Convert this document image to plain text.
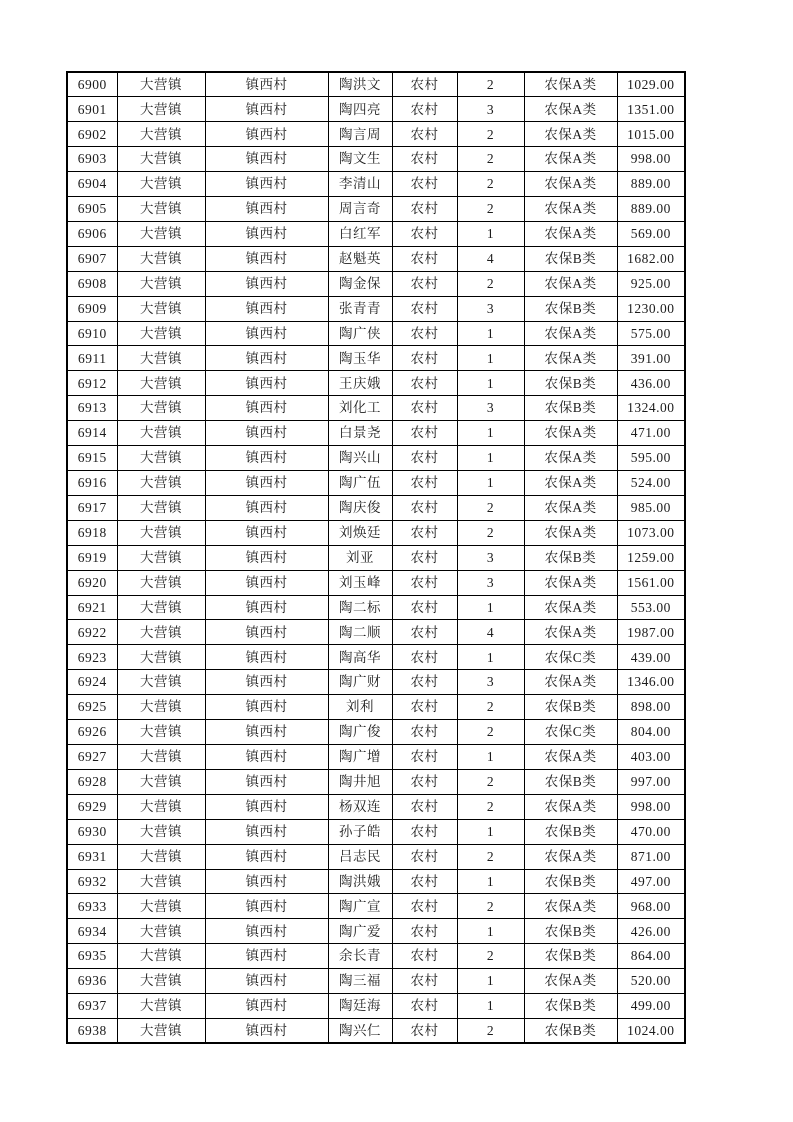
6900	大营镇	镇西村	陶洪文	农村	2	农保A类	1029.00
6901	大营镇	镇西村	陶四亮	农村	3	农保A类	1351.00
6902	大营镇	镇西村	陶言周	农村	2	农保A类	1015.00
6903	大营镇	镇西村	陶文生	农村	2	农保A类	998.00
6904	大营镇	镇西村	李清山	农村	2	农保A类	889.00
6905	大营镇	镇西村	周言奇	农村	2	农保A类	889.00
6906	大营镇	镇西村	白红军	农村	1	农保A类	569.00
6907	大营镇	镇西村	赵魁英	农村	4	农保B类	1682.00
6908	大营镇	镇西村	陶金保	农村	2	农保A类	925.00
6909	大营镇	镇西村	张青青	农村	3	农保B类	1230.00
6910	大营镇	镇西村	陶广侠	农村	1	农保A类	575.00
6911	大营镇	镇西村	陶玉华	农村	1	农保A类	391.00
6912	大营镇	镇西村	王庆娥	农村	1	农保B类	436.00
6913	大营镇	镇西村	刘化工	农村	3	农保B类	1324.00
6914	大营镇	镇西村	白景尧	农村	1	农保A类	471.00
6915	大营镇	镇西村	陶兴山	农村	1	农保A类	595.00
6916	大营镇	镇西村	陶广伍	农村	1	农保A类	524.00
6917	大营镇	镇西村	陶庆俊	农村	2	农保A类	985.00
6918	大营镇	镇西村	刘焕廷	农村	2	农保A类	1073.00
6919	大营镇	镇西村	刘亚	农村	3	农保B类	1259.00
6920	大营镇	镇西村	刘玉峰	农村	3	农保A类	1561.00
6921	大营镇	镇西村	陶二标	农村	1	农保A类	553.00
6922	大营镇	镇西村	陶二顺	农村	4	农保A类	1987.00
6923	大营镇	镇西村	陶高华	农村	1	农保C类	439.00
6924	大营镇	镇西村	陶广财	农村	3	农保A类	1346.00
6925	大营镇	镇西村	刘利	农村	2	农保B类	898.00
6926	大营镇	镇西村	陶广俊	农村	2	农保C类	804.00
6927	大营镇	镇西村	陶广增	农村	1	农保A类	403.00
6928	大营镇	镇西村	陶井旭	农村	2	农保B类	997.00
6929	大营镇	镇西村	杨双连	农村	2	农保A类	998.00
6930	大营镇	镇西村	孙子皓	农村	1	农保B类	470.00
6931	大营镇	镇西村	吕志民	农村	2	农保A类	871.00
6932	大营镇	镇西村	陶洪娥	农村	1	农保B类	497.00
6933	大营镇	镇西村	陶广宣	农村	2	农保A类	968.00
6934	大营镇	镇西村	陶广爱	农村	1	农保B类	426.00
6935	大营镇	镇西村	余长青	农村	2	农保B类	864.00
6936	大营镇	镇西村	陶三福	农村	1	农保A类	520.00
6937	大营镇	镇西村	陶廷海	农村	1	农保B类	499.00
6938	大营镇	镇西村	陶兴仁	农村	2	农保B类	1024.00
